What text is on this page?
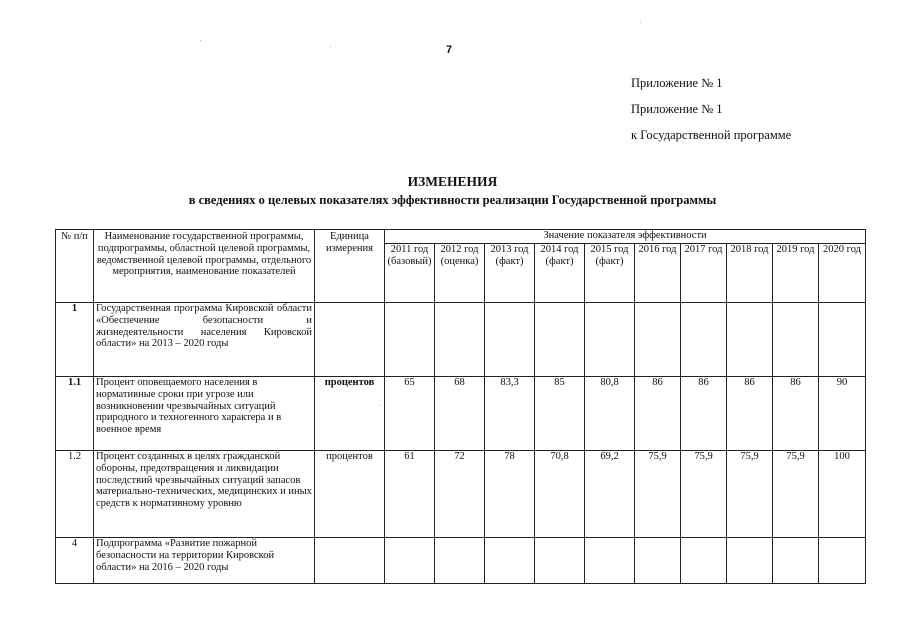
7
Приложение № 1
Приложение № 1
к Государственной программе
ИЗМЕНЕНИЯ
в сведениях о целевых показателях эффективности реализации Государственной программы
№ п/п	Наименование государственной программы, подпрограммы, областной целевой программы, ведомственной целевой программы, отдельного мероприятия, наименование показателей	Единица измерения	Значение показателя эффективности									
			2011 год (базовый)	2012 год (оценка)	2013 год (факт)	2014 год (факт)	2015 год (факт)	2016 год	2017 год	2018 год	2019 год	2020 год
1	Государственная программа Кировской области «Обеспечение безопасности и жизнедеятельности населения Кировской области» на 2013 – 2020 годы											
1.1	Процент оповещаемого населения в нормативные сроки при угрозе или возникновении чрезвычайных ситуаций природного и техногенного характера и в военное время	процентов	65	68	83,3	85	80,8	86	86	86	86	90
1.2	Процент созданных в целях гражданской обороны, предотвращения и ликвидации последствий чрезвычайных ситуаций запасов материально-технических, медицинских и иных средств к нормативному уровню	процентов	61	72	78	70,8	69,2	75,9	75,9	75,9	75,9	100
4	Подпрограмма «Развитие пожарной безопасности на территории Кировской области» на 2016 – 2020 годы											
